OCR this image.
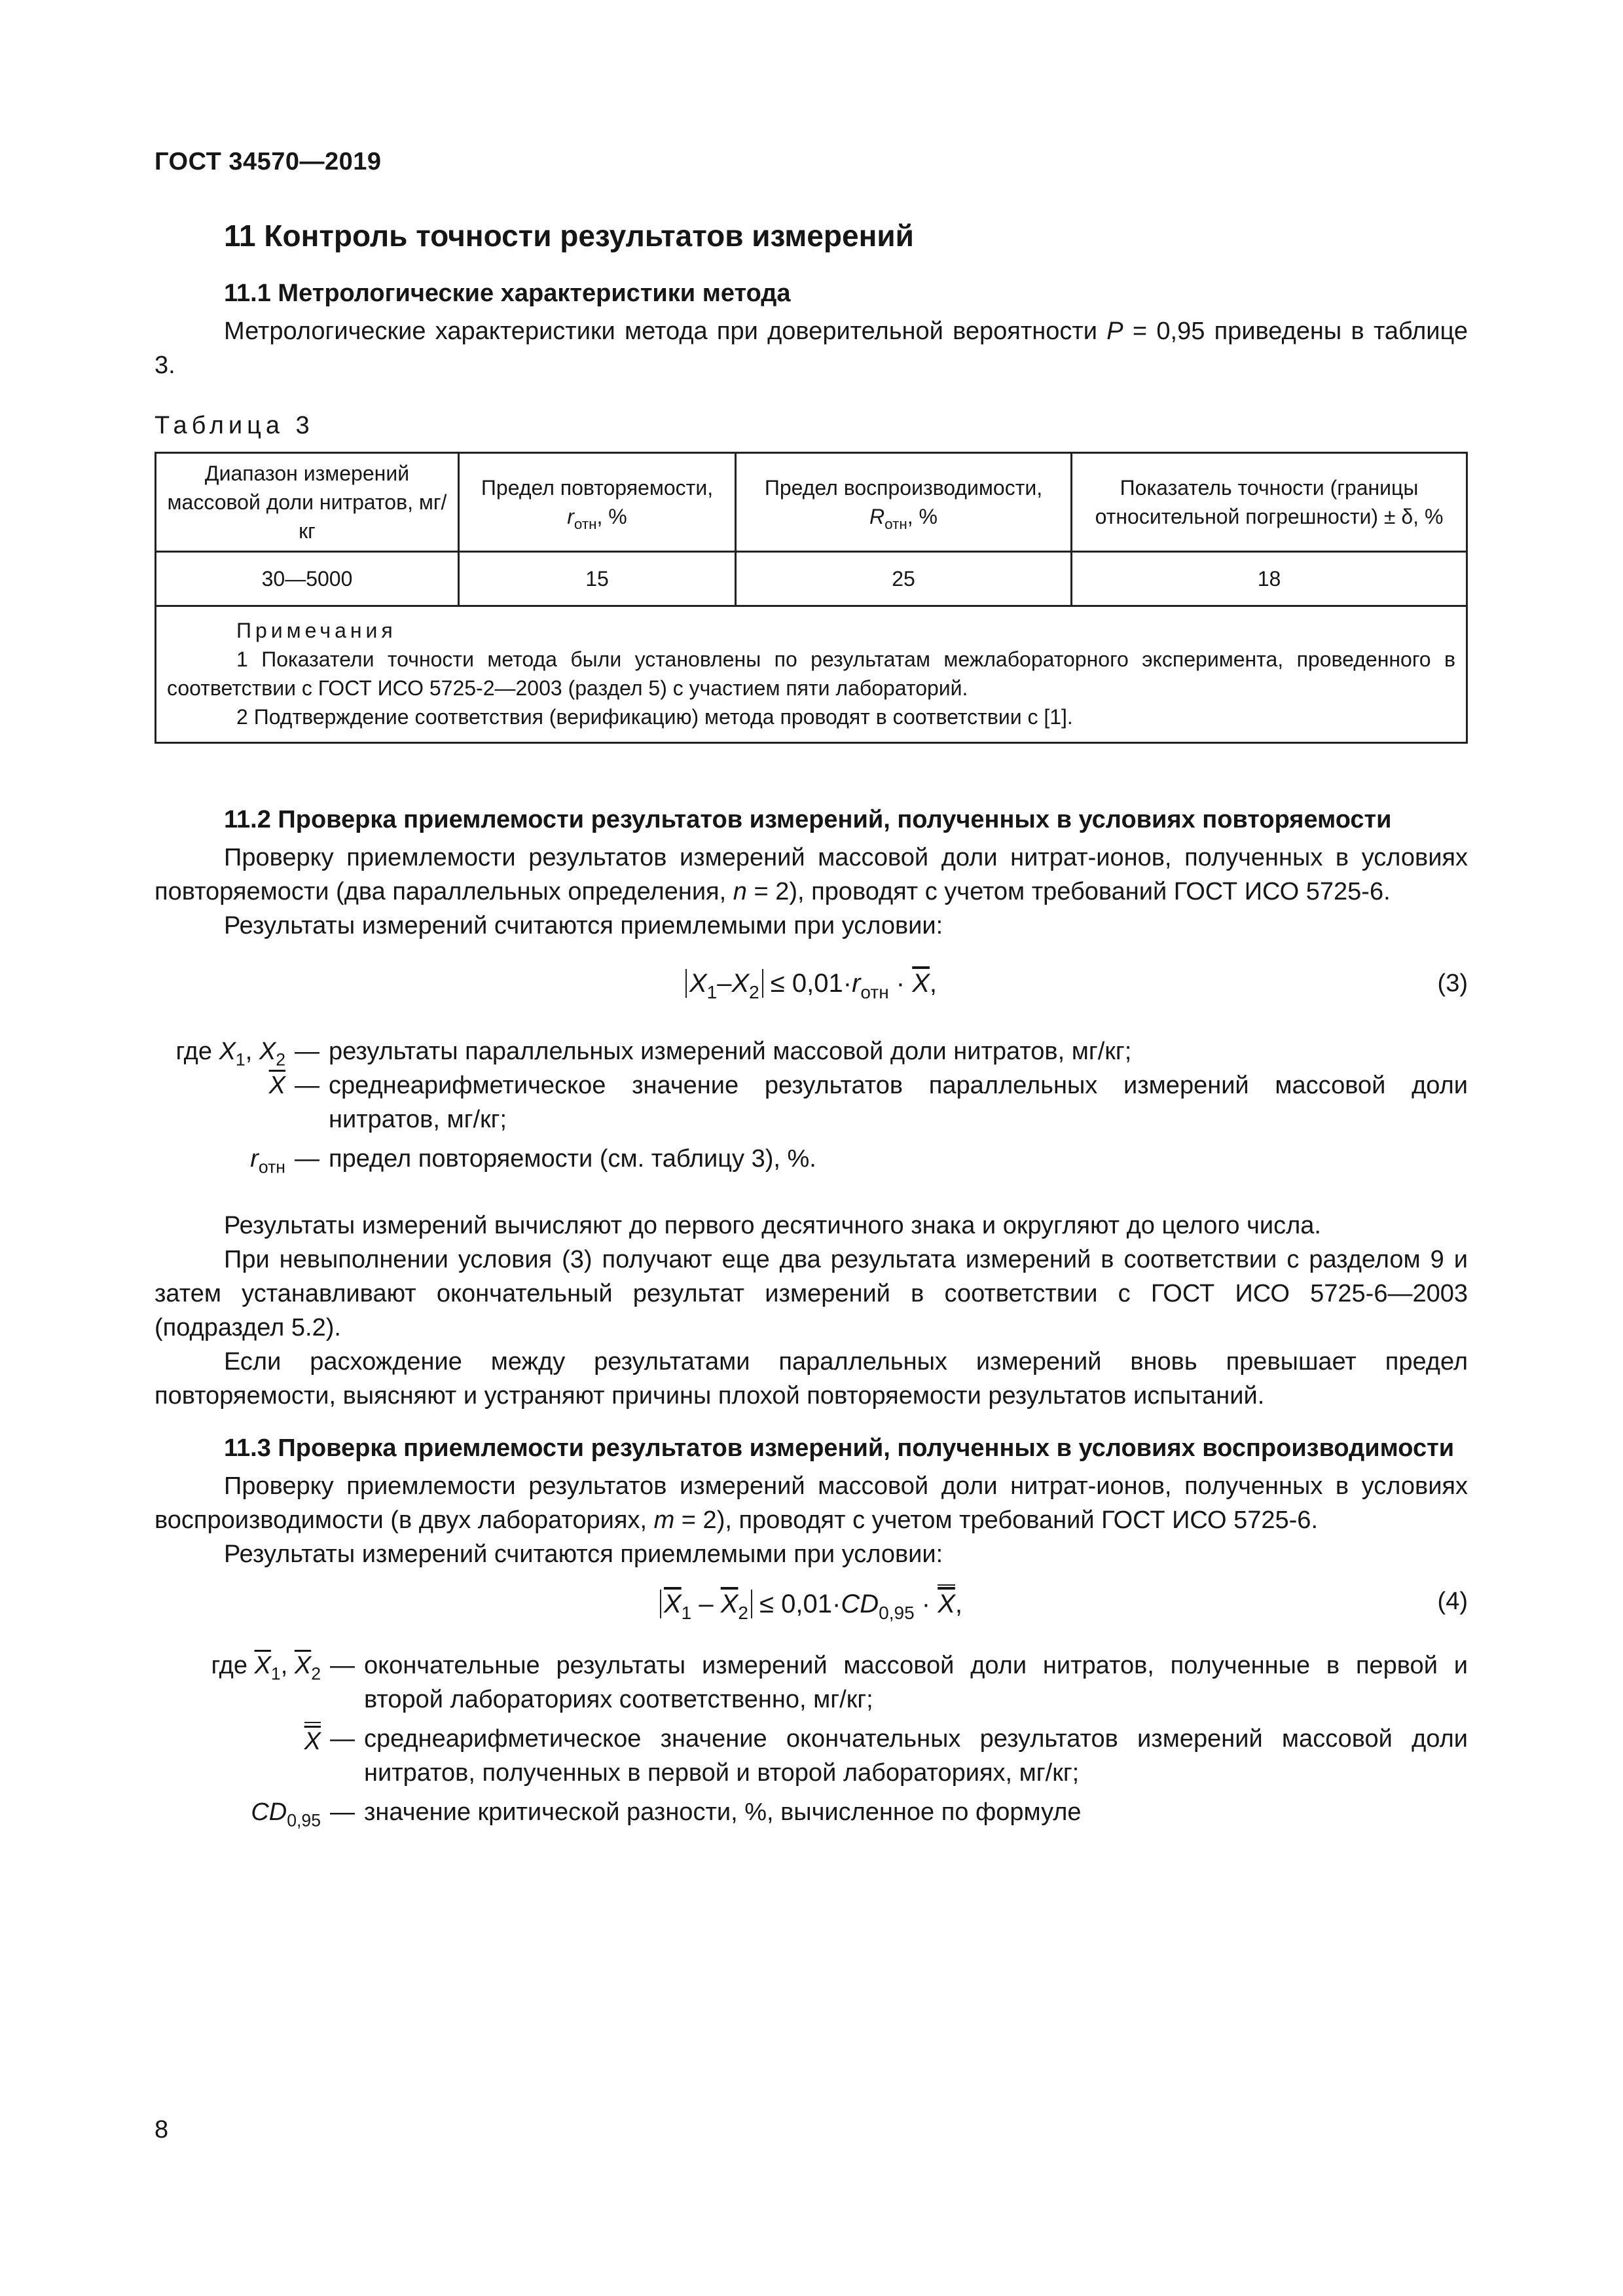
ГОСТ 34570—2019
11 Контроль точности результатов измерений
11.1 Метрологические характеристики метода

Метрологические характеристики метода при доверительной вероятности P = 0,95 приведены в таблице 3.

Таблица 3
Диапазон измерений массовой доли нитратов, мг/кг	Предел повторяемости, $r_{отн}$, %	Предел воспроизводимости, $R_{отн}$, %	Показатель точности (границы относительной погрешности) ± δ, %
30—5000	15	25	18

Примечания
1 Показатели точности метода были установлены по результатам межлабораторного эксперимента, проведенного в соответствии с ГОСТ ИСО 5725-2—2003 (раздел 5) с участием пяти лабораторий.
2 Подтверждение соответствия (верификацию) метода проводят в соответствии с [1].			
11.2 Проверка приемлемости результатов измерений, полученных в условиях повторяемости

Проверку приемлемости результатов измерений массовой доли нитрат-ионов, полученных в условиях повторяемости (два параллельных определения, n = 2), проводят с учетом требований ГОСТ ИСО 5725-6.

Результаты измерений считаются приемлемыми при условии:

$X_1-X_2 \le 0,01\cdot r_{отн} \cdot \overline{X}$,	(3)
где $X_1$, $X_2$ — результаты параллельных измерений массовой доли нитратов, мг/кг;
$\overline{X}$ — среднеарифметическое значение результатов параллельных измерений массовой доли нитратов, мг/кг;
$r_{отн}$ — предел повторяемости (см. таблицу 3), %.

Результаты измерений вычисляют до первого десятичного знака и округляют до целого числа.

При невыполнении условия (3) получают еще два результата измерений в соответствии с разделом 9 и затем устанавливают окончательный результат измерений в соответствии с ГОСТ ИСО 5725-6—2003 (подраздел 5.2).

Если расхождение между результатами параллельных измерений вновь превышает предел повторяемости, выясняют и устраняют причины плохой повторяемости результатов испытаний.

11.3 Проверка приемлемости результатов измерений, полученных в условиях воспроизводимости

Проверку приемлемости результатов измерений массовой доли нитрат-ионов, полученных в условиях воспроизводимости (в двух лабораториях, m = 2), проводят с учетом требований ГОСТ ИСО 5725-6.

Результаты измерений считаются приемлемыми при условии:

$\overline{X}_1 - \overline{X}_2 \le 0,01\cdot CD_{0,95} \cdot \overline{X}$,	(4)
где $\overline{X}_1$, $\overline{X}_2$ — окончательные результаты измерений массовой доли нитратов, полученные в первой и второй лабораториях соответственно, мг/кг;
$\overline{X}$ — среднеарифметическое значение окончательных результатов измерений массовой доли нитратов, полученных в первой и второй лабораториях, мг/кг;
$CD_{0,95}$ — значение критической разности, %, вычисленное по формуле
8
